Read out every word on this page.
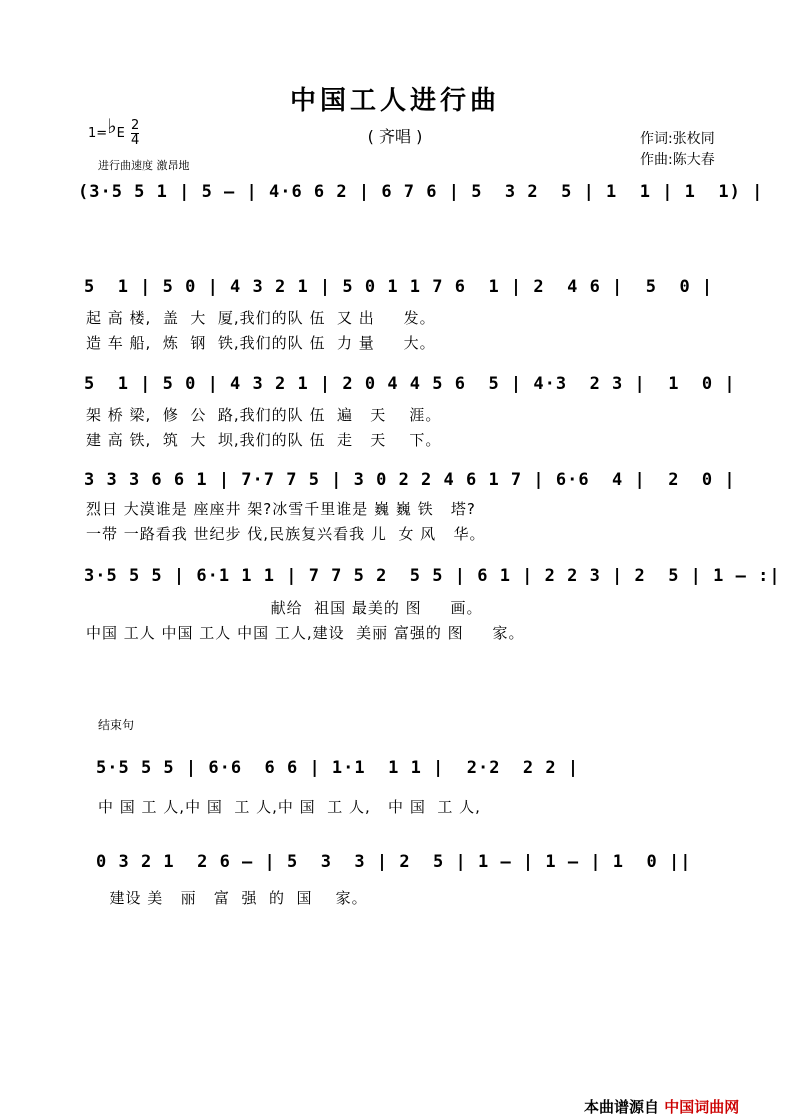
中国工人进行曲
( 齐唱 )
1=♭E $\frac{2}{4}$
进行曲速度 激昂地
作词:张枚同
作曲:陈大春
(3·5 5 1 | 5 – | 4·6 6 2 | 6 7 6 | 5  3 2  5 | 1  1 | 1  1) |
5  1 | 5 0 | 4 3 2 1 | 5 0 1 1 7 6  1 | 2  4 6 |  5  0 |
起 高 楼,  盖  大  厦,我们的队 伍  又 出     发。
造 车 船,  炼  钢  铁,我们的队 伍  力 量     大。
5  1 | 5 0 | 4 3 2 1 | 2 0 4 4 5 6  5 | 4·3  2 3 |  1  0 |
架 桥 梁,  修  公  路,我们的队 伍  遍   天    涯。
建 高 铁,  筑  大  坝,我们的队 伍  走   天    下。
3 3 3 6 6 1 | 7·7 7 5 | 3 0 2 2 4 6 1 7 | 6·6  4 |  2  0 |
烈日 大漠谁是 座座井 架?冰雪千里谁是 巍 巍 铁   塔?
一带 一路看我 世纪步 伐,民族复兴看我 儿  女 风   华。
3·5 5 5 | 6·1 1 1 | 7 7 5 2  5 5 | 6 1 | 2 2 3 | 2  5 | 1 – :|
献给  祖国 最美的 图     画。
中国 工人 中国 工人 中国 工人,建设  美丽 富强的 图     家。
结束句
5·5 5 5 | 6·6  6 6 | 1·1  1 1 |  2·2  2 2 |
中 国 工 人,中 国  工 人,中 国  工 人,   中 国  工 人,
0 3 2 1  2 6 – | 5  3  3 | 2  5 | 1 – | 1 – | 1  0 ||
建设 美   丽   富  强  的  国    家。
本曲谱源自 中国词曲网
